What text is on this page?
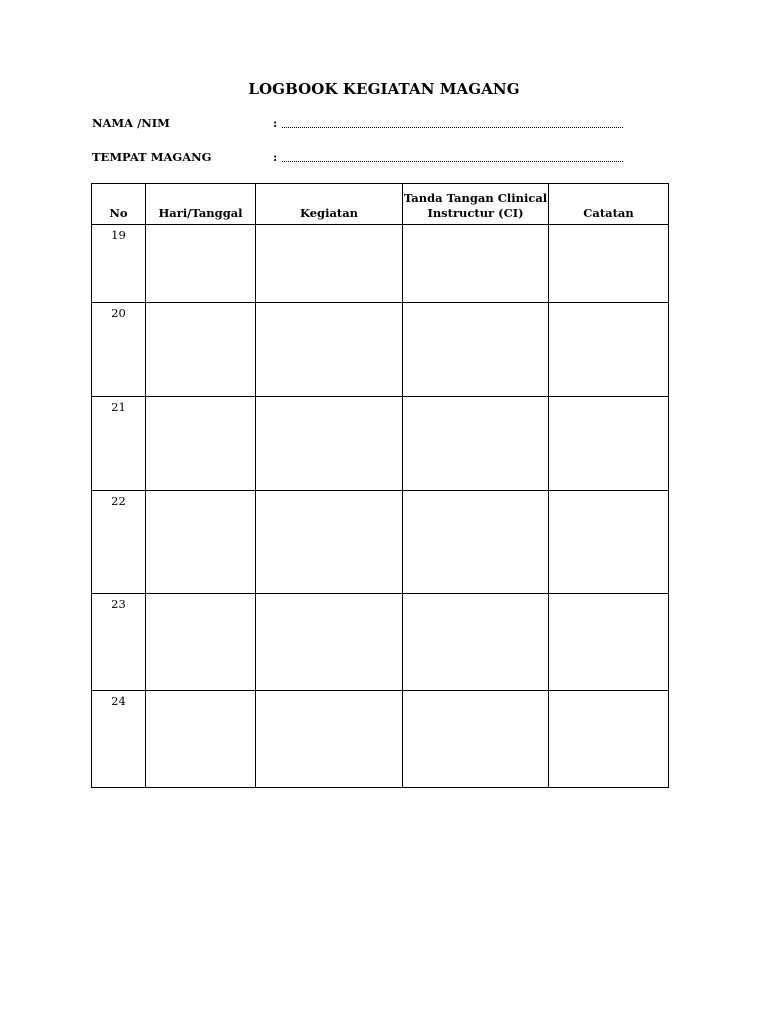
LOGBOOK KEGIATAN MAGANG
NAMA /NIM	:
TEMPAT MAGANG	:
No	Hari/Tanggal	Kegiatan	Tanda Tangan Clinical Instructur (CI)	Catatan
19				
20				
21				
22				
23				
24				
